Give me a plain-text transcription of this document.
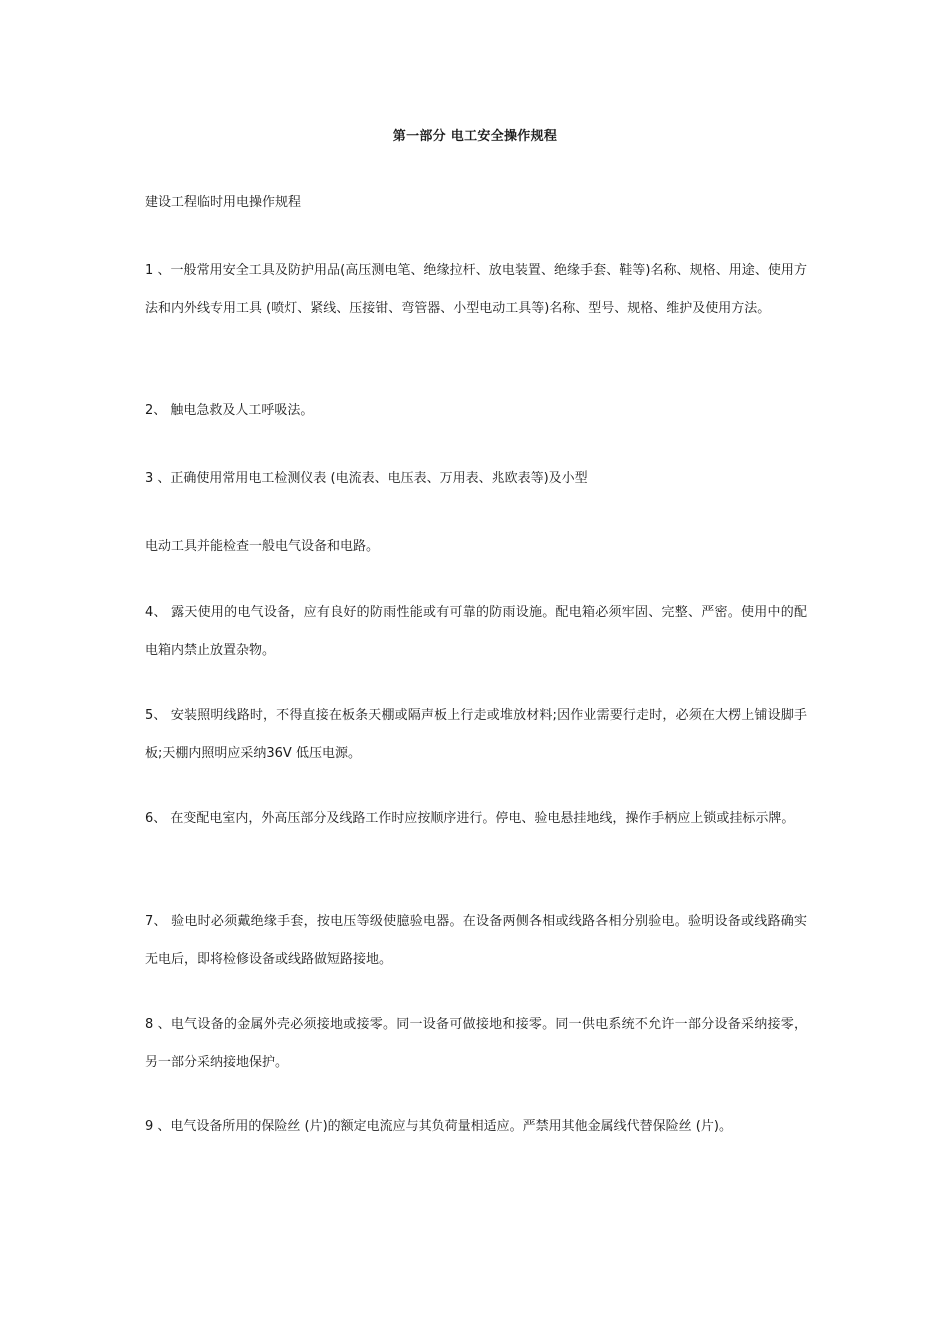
第一部分 电工安全操作规程
建设工程临时用电操作规程

1 、一般常用安全工具及防护用品(高压测电笔、绝缘拉杆、放电装置、绝缘手套、鞋等)名称、规格、用途、使用方法和内外线专用工具 (喷灯、紧线、压接钳、弯管器、小型电动工具等)名称、型号、规格、维护及使用方法。

2、 触电急救及人工呼吸法。

3 、正确使用常用电工检测仪表 (电流表、电压表、万用表、兆欧表等)及小型

电动工具并能检查一般电气设备和电路。

4、 露天使用的电气设备，应有良好的防雨性能或有可靠的防雨设施。配电箱必须牢固、完整、严密。使用中的配电箱内禁止放置杂物。

5、 安装照明线路时，不得直接在板条天棚或隔声板上行走或堆放材料;因作业需要行走时，必须在大楞上铺设脚手板;天棚内照明应采纳36V 低压电源。

6、 在变配电室内，外高压部分及线路工作时应按顺序进行。停电、验电悬挂地线，操作手柄应上锁或挂标示牌。

7、 验电时必须戴绝缘手套，按电压等级使臆验电器。在设备两侧各相或线路各相分别验电。验明设备或线路确实无电后，即将检修设备或线路做短路接地。

8 、电气设备的金属外壳必须接地或接零。同一设备可做接地和接零。同一供电系统不允许一部分设备采纳接零，另一部分采纳接地保护。

9 、电气设备所用的保险丝 (片)的额定电流应与其负荷量相适应。严禁用其他金属线代替保险丝 (片)。
